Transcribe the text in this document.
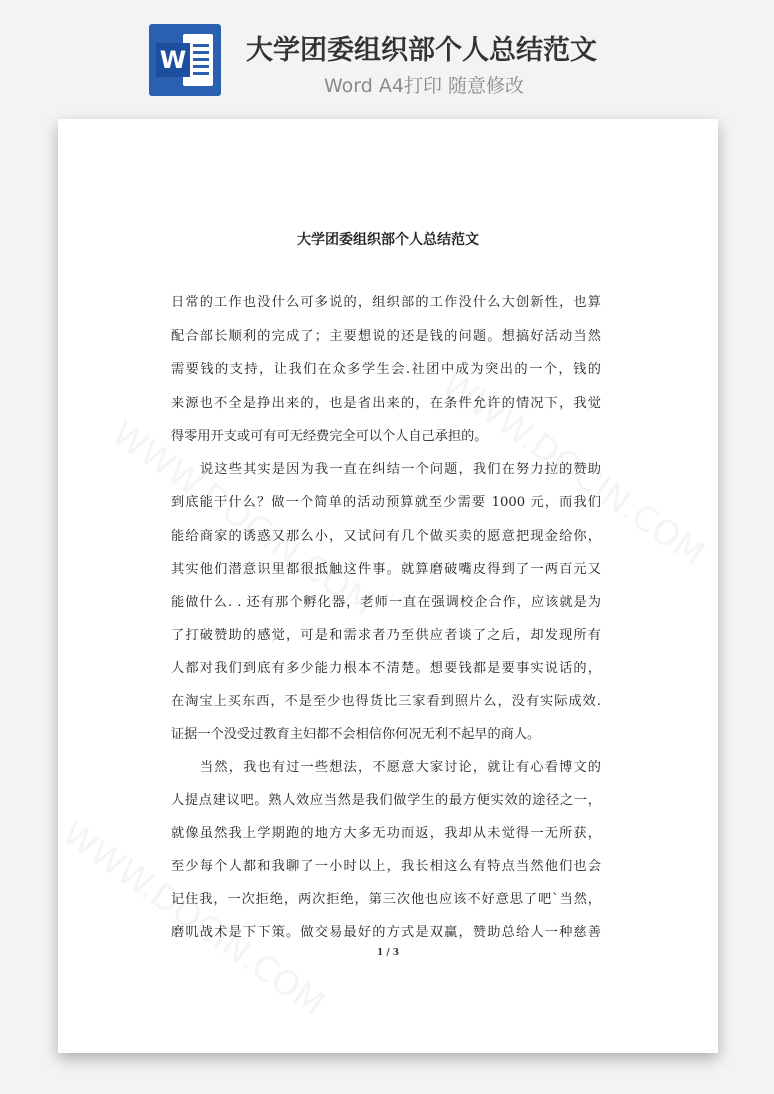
W 大学团委组织部个人总结范文
Word A4打印 随意修改
大学团委组织部个人总结范文
日常的工作也没什么可多说的，组织部的工作没什么大创新性，也算
配合部长顺利的完成了；主要想说的还是钱的问题。想搞好活动当然
需要钱的支持，让我们在众多学生会.社团中成为突出的一个，钱的
来源也不全是挣出来的，也是省出来的，在条件允许的情况下，我觉
得零用开支或可有可无经费完全可以个人自己承担的。
说这些其实是因为我一直在纠结一个问题，我们在努力拉的赞助
到底能干什么？做一个简单的活动预算就至少需要 1000 元，而我们
能给商家的诱惑又那么小，又试问有几个做买卖的愿意把现金给你，
其实他们潜意识里都很抵触这件事。就算磨破嘴皮得到了一两百元又
能做什么. . 还有那个孵化器，老师一直在强调校企合作，应该就是为
了打破赞助的感觉，可是和需求者乃至供应者谈了之后，却发现所有
人都对我们到底有多少能力根本不清楚。想要钱都是要事实说话的，
在淘宝上买东西，不是至少也得货比三家看到照片么，没有实际成效.
证据一个没受过教育主妇都不会相信你何况无利不起早的商人。
当然，我也有过一些想法，不愿意大家讨论，就让有心看博文的
人提点建议吧。熟人效应当然是我们做学生的最方便实效的途径之一，
就像虽然我上学期跑的地方大多无功而返，我却从未觉得一无所获，
至少每个人都和我聊了一小时以上，我长相这么有特点当然他们也会
记住我，一次拒绝，两次拒绝，第三次他也应该不好意思了吧`当然，
磨叽战术是下下策。做交易最好的方式是双赢，赞助总给人一种慈善
1 / 3
